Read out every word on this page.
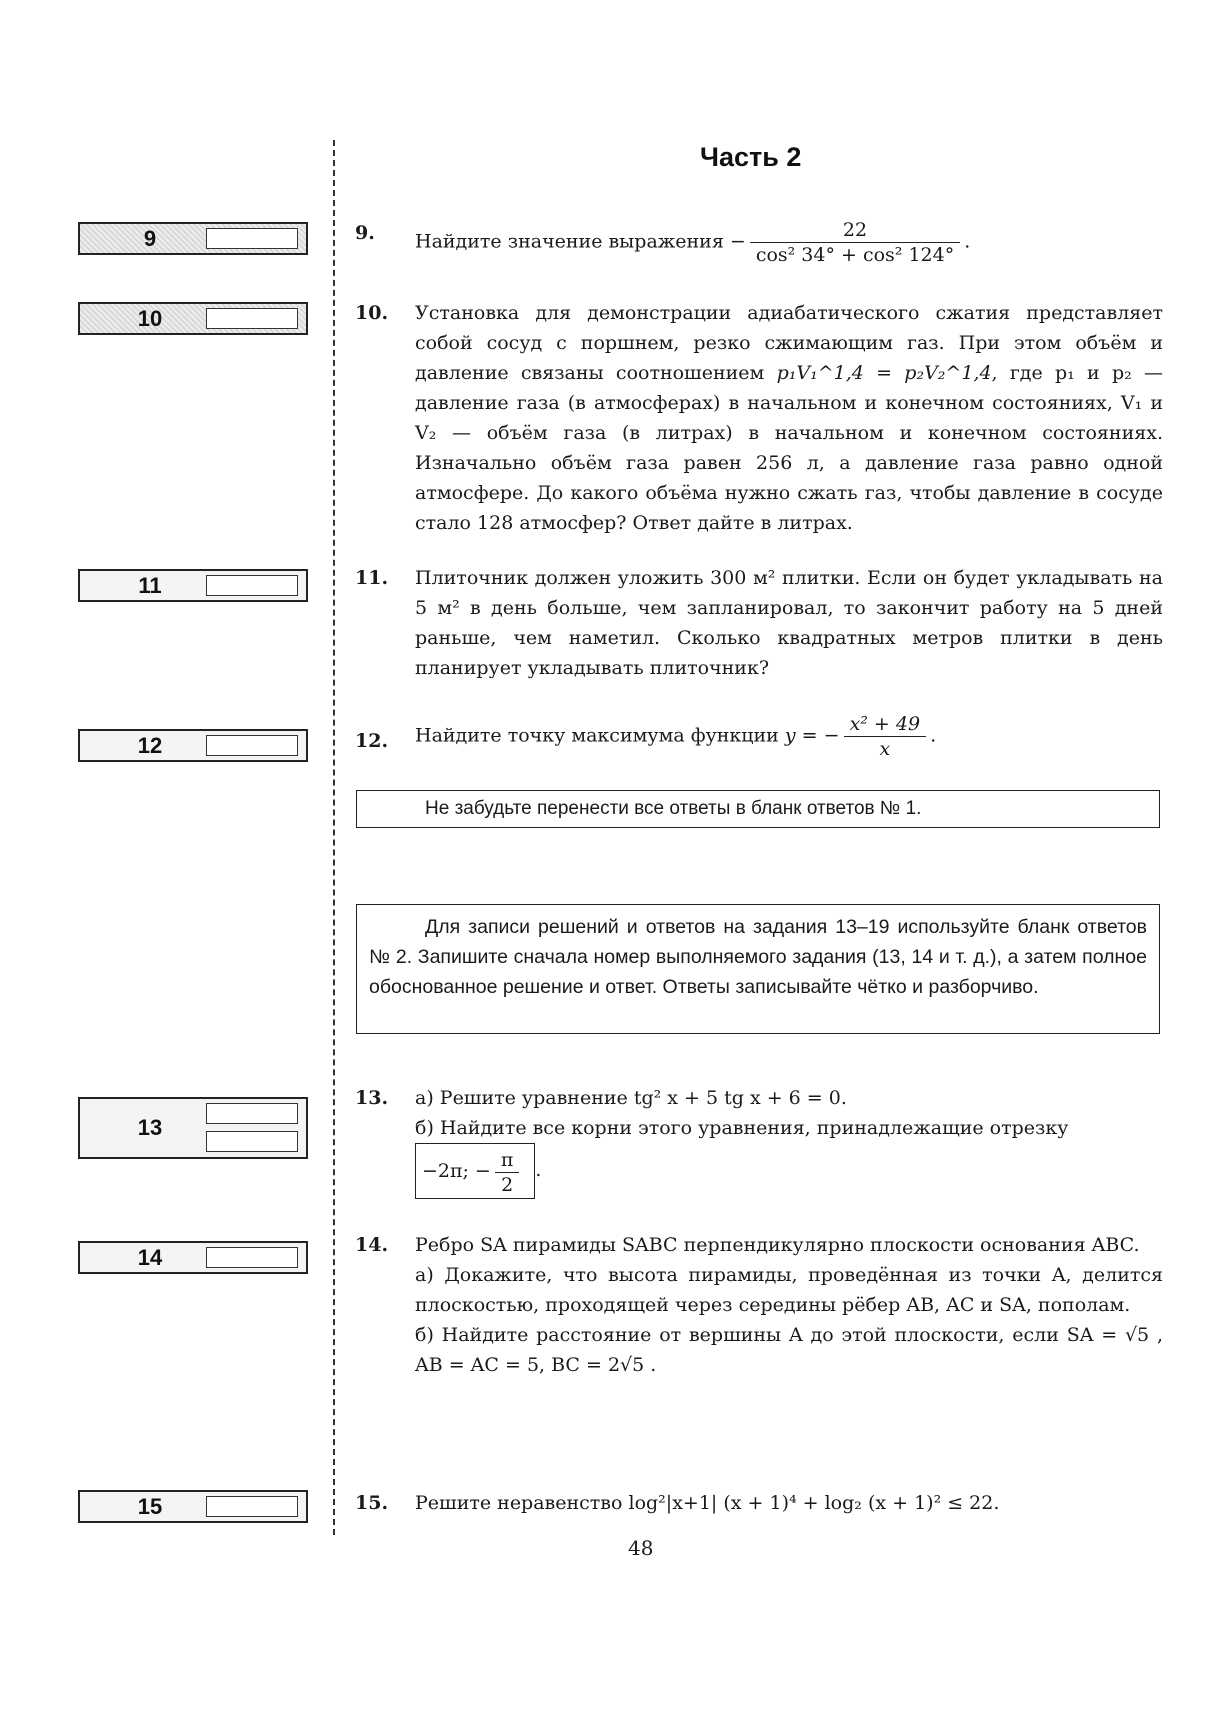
Часть 2
9
10
11
12
13
14
15
9. Найдите значение выражения − $\frac{22}{\text{cos² 34° + cos² 124°}}$ .
10. Установка для демонстрации адиабатического сжатия представляет собой сосуд с поршнем, резко сжимающим газ. При этом объём и давление связаны соотношением p₁V₁^1,4 = p₂V₂^1,4, где p₁ и p₂ — давление газа (в атмосферах) в начальном и конечном состояниях, V₁ и V₂ — объём газа (в литрах) в начальном и конечном состояниях. Изначально объём газа равен 256 л, а давление газа равно одной атмосфере. До какого объёма нужно сжать газ, чтобы давление в сосуде стало 128 атмосфер? Ответ дайте в литрах.
11. Плиточник должен уложить 300 м² плитки. Если он будет укладывать на 5 м² в день больше, чем запланировал, то закончит работу на 5 дней раньше, чем наметил. Сколько квадратных метров плитки в день планирует укладывать плиточник?
12. Найдите точку максимума функции y = − $\frac{\text{x² + 49}}{x}$ .
Не забудьте перенести все ответы в бланк ответов № 1.

Для записи решений и ответов на задания 13–19 используйте бланк ответов № 2. Запишите сначала номер выполняемого задания (13, 14 и т. д.), а затем полное обоснованное решение и ответ. Ответы записывайте чётко и разборчиво.

13. а) Решите уравнение tg² x + 5 tg x + 6 = 0.
б) Найдите все корни этого уравнения, принадлежащие отрезку
−2π; − $\frac{\pi}{2}$ .
14. Ребро SA пирамиды SABC перпендикулярно плоскости основания ABC.
а) Докажите, что высота пирамиды, проведённая из точки A, делится плоскостью, проходящей через середины рёбер AB, AC и SA, пополам.
б) Найдите расстояние от вершины A до этой плоскости, если SA = √5 , AB = AC = 5, BC = 2√5 .
15. Решите неравенство log²|x+1| (x + 1)⁴ + log₂ (x + 1)² ≤ 22.
48
